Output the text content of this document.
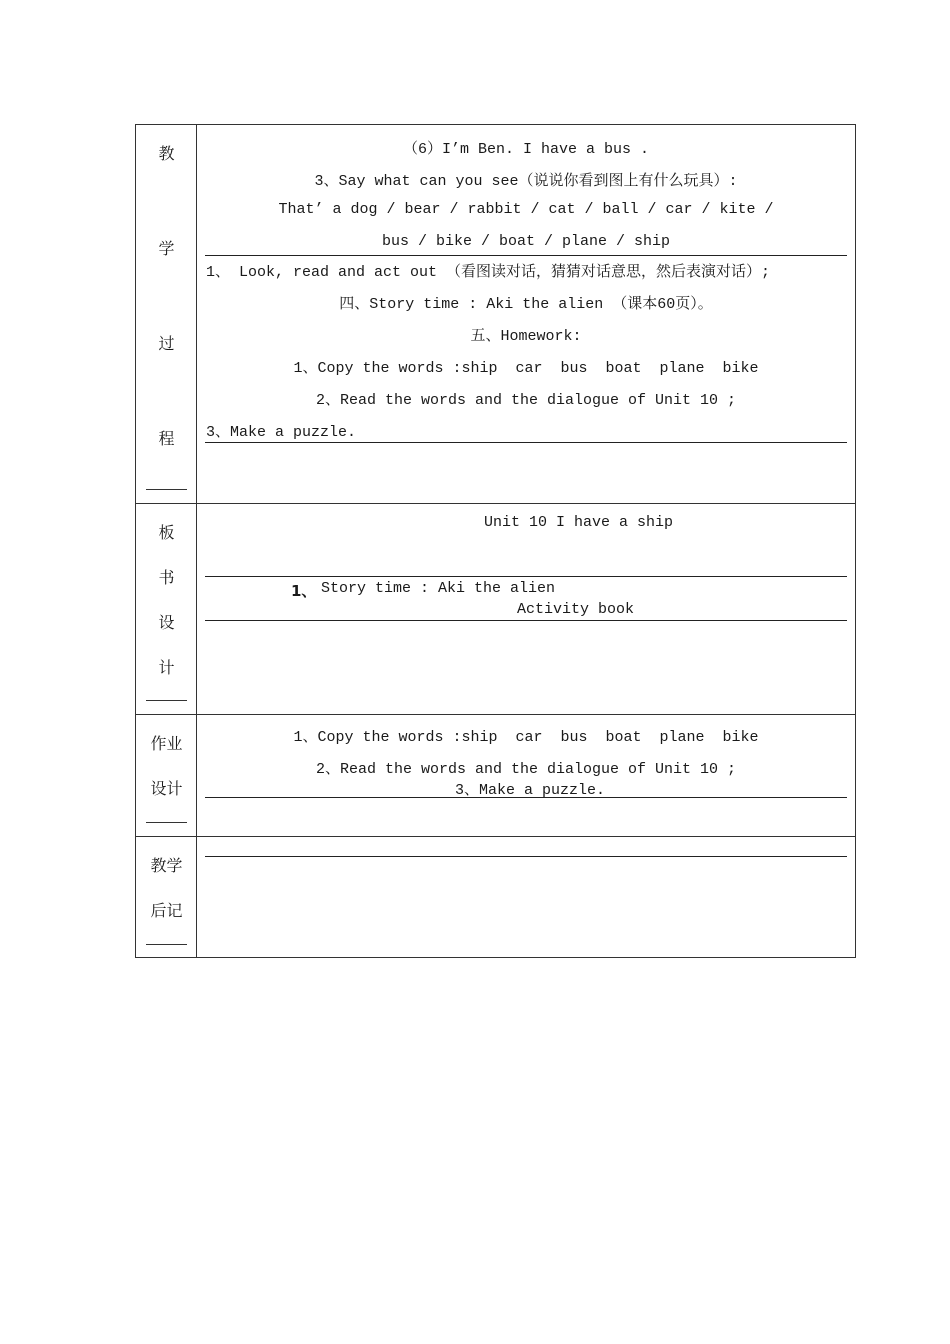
教
学
过
程
（6）I’m Ben. I have a bus .
3、Say what can you see（说说你看到图上有什么玩具）:
That’ a dog / bear / rabbit / cat / ball / car / kite /
bus / bike / boat / plane / ship
1、 Look, read and act out （看图读对话，猜猜对话意思，然后表演对话）;
四、Story time : Aki the alien （课本60页）。
五、Homework:
1、Copy the words :ship  car  bus  boat  plane  bike
2、Read the words and the dialogue of Unit 10 ;
3、Make a puzzle.
板
书
设
计
Unit 10 I have a ship
1、 Story time : Aki the alien
Activity book
作业
设计
1、Copy the words :ship  car  bus  boat  plane  bike
2、Read the words and the dialogue of Unit 10 ;
3、Make a puzzle.
教学
后记
